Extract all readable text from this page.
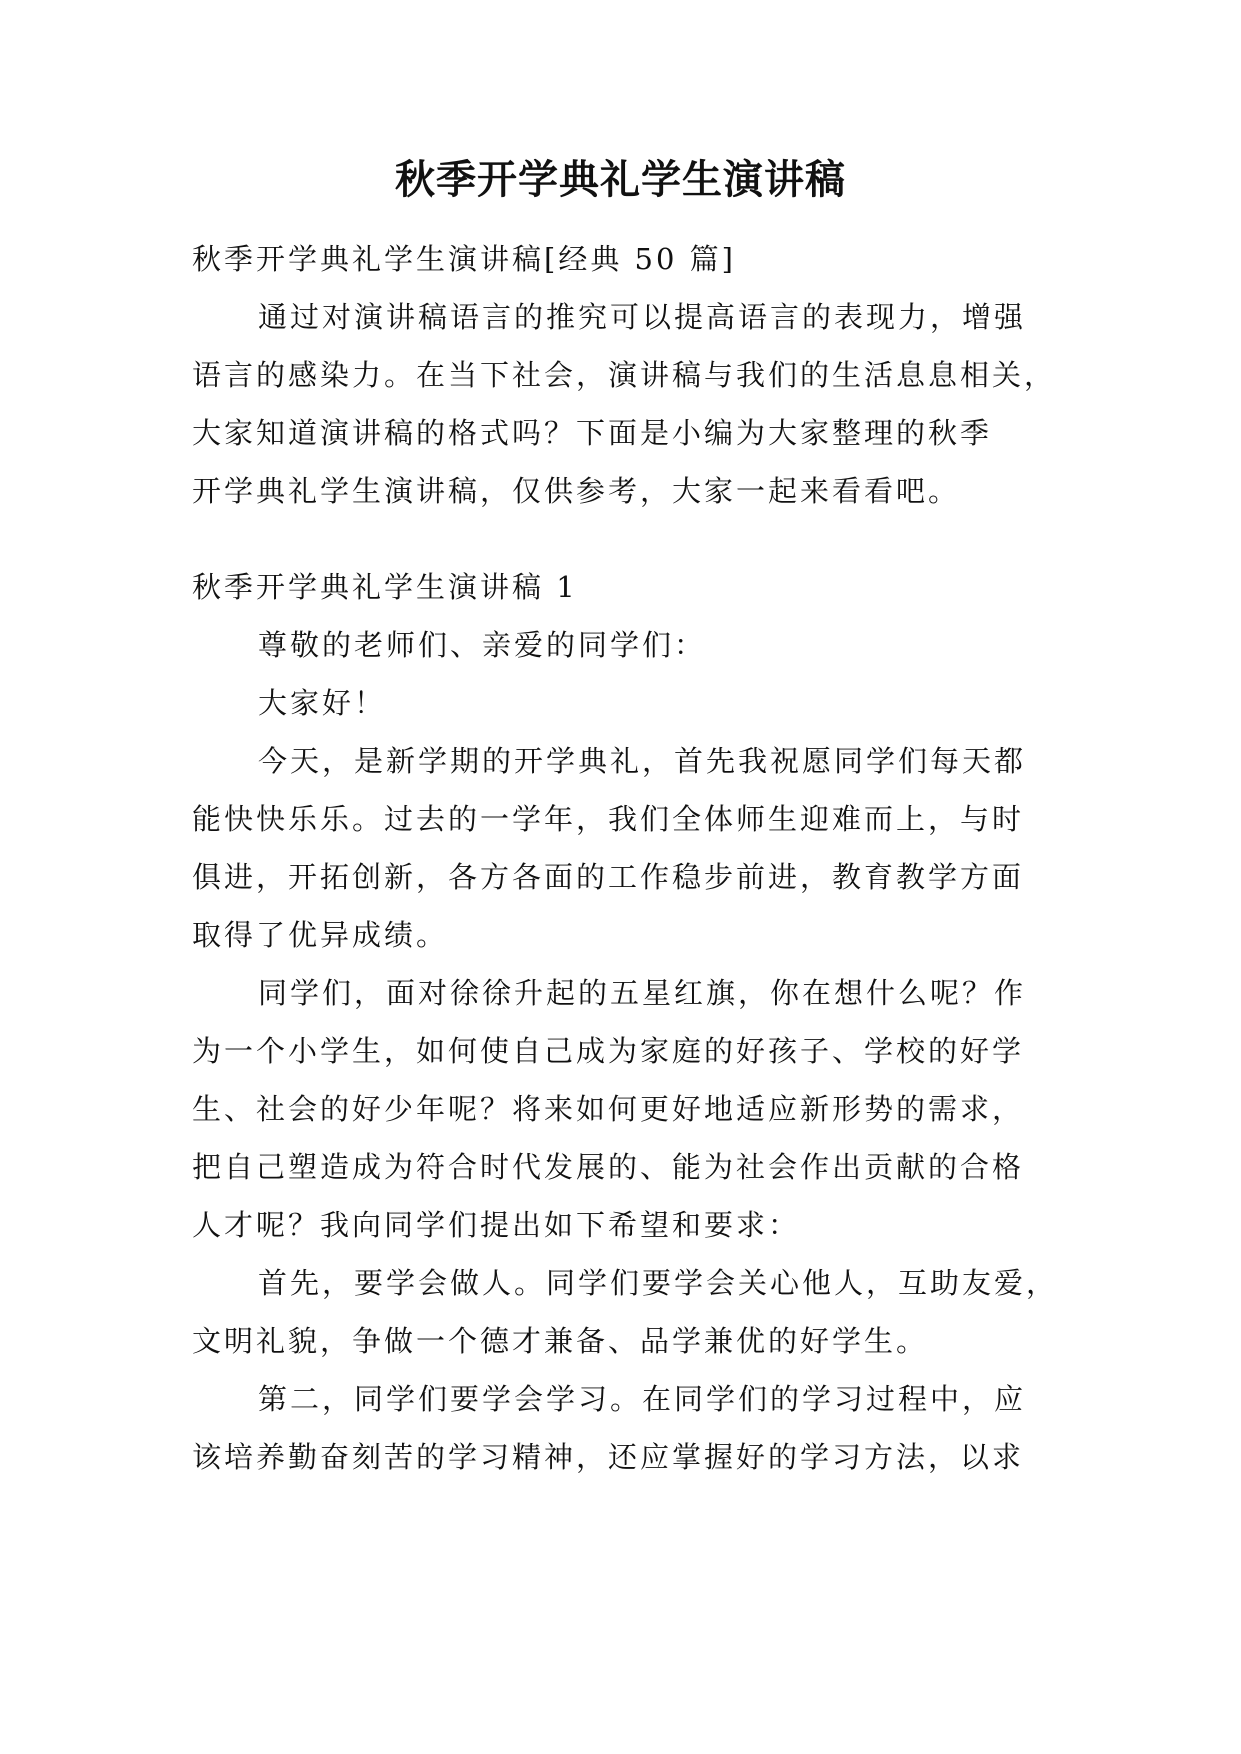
秋季开学典礼学生演讲稿
秋季开学典礼学生演讲稿[经典 50 篇]
通过对演讲稿语言的推究可以提高语言的表现力，增强
语言的感染力。在当下社会，演讲稿与我们的生活息息相关，
大家知道演讲稿的格式吗？下面是小编为大家整理的秋季
开学典礼学生演讲稿，仅供参考，大家一起来看看吧。
秋季开学典礼学生演讲稿 1
尊敬的老师们、亲爱的同学们：
大家好！
今天，是新学期的开学典礼，首先我祝愿同学们每天都
能快快乐乐。过去的一学年，我们全体师生迎难而上，与时
俱进，开拓创新，各方各面的工作稳步前进，教育教学方面
取得了优异成绩。
同学们，面对徐徐升起的五星红旗，你在想什么呢？作
为一个小学生，如何使自己成为家庭的好孩子、学校的好学
生、社会的好少年呢？将来如何更好地适应新形势的需求，
把自己塑造成为符合时代发展的、能为社会作出贡献的合格
人才呢？我向同学们提出如下希望和要求：
首先，要学会做人。同学们要学会关心他人，互助友爱，
文明礼貌，争做一个德才兼备、品学兼优的好学生。
第二，同学们要学会学习。在同学们的学习过程中，应
该培养勤奋刻苦的学习精神，还应掌握好的学习方法，以求
